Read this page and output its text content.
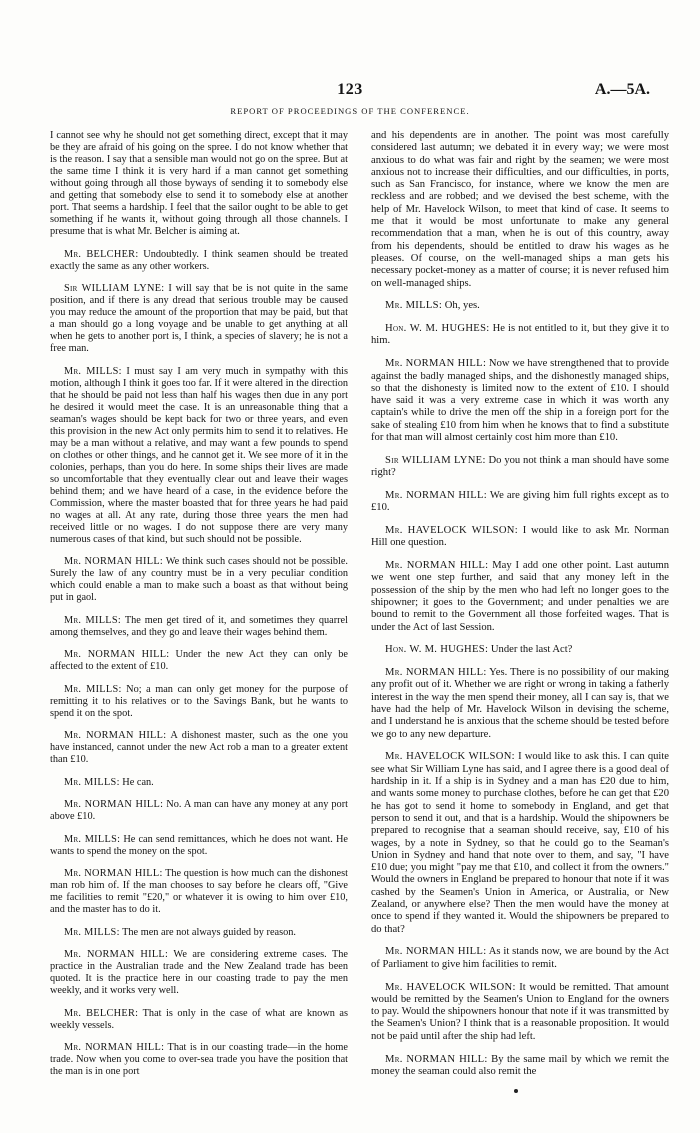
123	A.—5A.
REPORT OF PROCEEDINGS OF THE CONFERENCE.

I cannot see why he should not get something direct, except that it may be they are afraid of his going on the spree. I do not know whether that is the reason. I say that a sensible man would not go on the spree. But at the same time I think it is very hard if a man cannot get something without going through all those byways of sending it to somebody else and getting that somebody else to send it to somebody else at another port. That seems a hardship. I feel that the sailor ought to be able to get something if he wants it, without going through all those channels. I presume that is what Mr. Belcher is aiming at.

Mr. BELCHER: Undoubtedly. I think seamen should be treated exactly the same as any other workers.

Sir WILLIAM LYNE: I will say that be is not quite in the same position, and if there is any dread that serious trouble may be caused you may reduce the amount of the proportion that may be paid, but that a man should go a long voyage and be unable to get anything at all when he gets to another port is, I think, a species of slavery; he is not a free man.

Mr. MILLS: I must say I am very much in sympathy with this motion, although I think it goes too far. If it were altered in the direction that he should be paid not less than half his wages then due in any port he desired it would meet the case. It is an unreasonable thing that a seaman's wages should be kept back for two or three years, and even this provision in the new Act only permits him to send it to relatives. He may be a man without a relative, and may want a few pounds to spend on clothes or other things, and he cannot get it. We see more of it in the colonies, perhaps, than you do here. In some ships their lives are made so uncomfortable that they eventually clear out and leave their wages behind them; and we have heard of a case, in the evidence before the Commission, where the master boasted that for three years he had paid no wages at all. At any rate, during those three years the men had received little or no wages. I do not suppose there are very many numerous cases of that kind, but such should not be possible.

Mr. NORMAN HILL: We think such cases should not be possible. Surely the law of any country must be in a very peculiar condition which could enable a man to make such a boast as that without being put in gaol.

Mr. MILLS: The men get tired of it, and sometimes they quarrel among themselves, and they go and leave their wages behind them.

Mr. NORMAN HILL: Under the new Act they can only be affected to the extent of £10.

Mr. MILLS: No; a man can only get money for the purpose of remitting it to his relatives or to the Savings Bank, but he wants to spend it on the spot.

Mr. NORMAN HILL: A dishonest master, such as the one you have instanced, cannot under the new Act rob a man to a greater extent than £10.

Mr. MILLS: He can.

Mr. NORMAN HILL: No. A man can have any money at any port above £10.

Mr. MILLS: He can send remittances, which he does not want. He wants to spend the money on the spot.

Mr. NORMAN HILL: The question is how much can the dishonest man rob him of. If the man chooses to say before he clears off, "Give me facilities to remit "£20," or whatever it is owing to him over £10, and the master has to do it.

Mr. MILLS: The men are not always guided by reason.

Mr. NORMAN HILL: We are considering extreme cases. The practice in the Australian trade and the New Zealand trade has been quoted. It is the practice here in our coasting trade to pay the men weekly, and it works very well.

Mr. BELCHER: That is only in the case of what are known as weekly vessels.

Mr. NORMAN HILL: That is in our coasting trade—in the home trade. Now when you come to over-sea trade you have the position that the man is in one port

and his dependents are in another. The point was most carefully considered last autumn; we debated it in every way; we were most anxious to do what was fair and right by the seamen; we were most anxious not to increase their difficulties, and our difficulties, in ports, such as San Francisco, for instance, where we know the men are reckless and are robbed; and we devised the best scheme, with the help of Mr. Havelock Wilson, to meet that kind of case. It seems to me that it would be most unfortunate to make any general recommendation that a man, when he is out of this country, away from his dependents, should be entitled to draw his wages as he pleases. Of course, on the well-managed ships a man gets his necessary pocket-money as a matter of course; it is never refused him on well-managed ships.

Mr. MILLS: Oh, yes.

Hon. W. M. HUGHES: He is not entitled to it, but they give it to him.

Mr. NORMAN HILL: Now we have strengthened that to provide against the badly managed ships, and the dishonestly managed ships, so that the dishonesty is limited now to the extent of £10. I should have said it was a very extreme case in which it was worth any captain's while to drive the men off the ship in a foreign port for the sake of stealing £10 from him when he knows that to find a substitute for that man will almost certainly cost him more than £10.

Sir WILLIAM LYNE: Do you not think a man should have some right?

Mr. NORMAN HILL: We are giving him full rights except as to £10.

Mr. HAVELOCK WILSON: I would like to ask Mr. Norman Hill one question.

Mr. NORMAN HILL: May I add one other point. Last autumn we went one step further, and said that any money left in the possession of the ship by the men who had left no longer goes to the shipowner; it goes to the Government; and under penalties we are bound to remit to the Government all those forfeited wages. That is under the Act of last Session.

Hon. W. M. HUGHES: Under the last Act?

Mr. NORMAN HILL: Yes. There is no possibility of our making any profit out of it. Whether we are right or wrong in taking a fatherly interest in the way the men spend their money, all I can say is, that we have had the help of Mr. Havelock Wilson in devising the scheme, and I understand he is anxious that the scheme should be tested before we go to any new departure.

Mr. HAVELOCK WILSON: I would like to ask this. I can quite see what Sir William Lyne has said, and I agree there is a good deal of hardship in it. If a ship is in Sydney and a man has £20 due to him, and wants some money to purchase clothes, before he can get that £20 he has got to send it home to somebody in England, and get that person to send it out, and that is a hardship. Would the shipowners be prepared to recognise that a seaman should receive, say, £10 of his wages, by a note in Sydney, so that he could go to the Seaman's Union in Sydney and hand that note over to them, and say, "I have £10 due; you might "pay me that £10, and collect it from the owners." Would the owners in England be prepared to honour that note if it was cashed by the Seamen's Union in America, or Australia, or New Zealand, or anywhere else? Then the men would have the money at once to spend if they wanted it. Would the shipowners be prepared to do that?

Mr. NORMAN HILL: As it stands now, we are bound by the Act of Parliament to give him facilities to remit.

Mr. HAVELOCK WILSON: It would be remitted. That amount would be remitted by the Seamen's Union to England for the owners to pay. Would the shipowners honour that note if it was transmitted by the Seamen's Union? I think that is a reasonable proposition. It would not be paid until after the ship had left.

Mr. NORMAN HILL: By the same mail by which we remit the money the seaman could also remit the
